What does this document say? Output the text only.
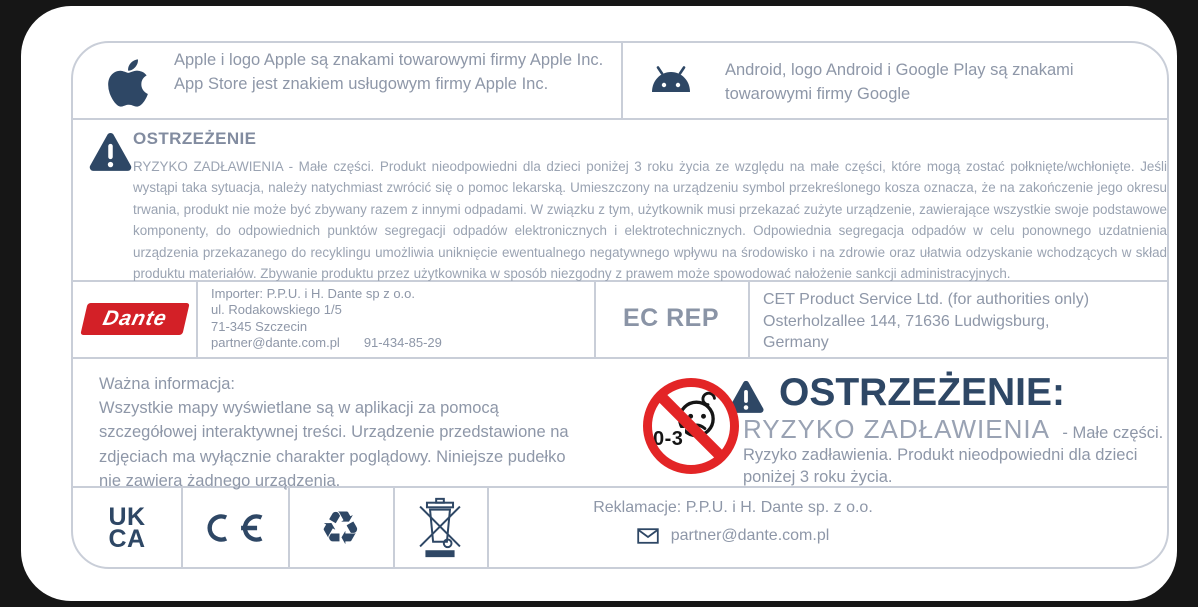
Apple i logo Apple są znakami towarowymi firmy Apple Inc. App Store jest znakiem usługowym firmy Apple Inc.
Android, logo Android i Google Play są znakami towarowymi firmy Google
OSTRZEŻENIE
RYZYKO ZADŁAWIENIA - Małe części. Produkt nieodpowiedni dla dzieci poniżej 3 roku życia ze względu na małe części, które mogą zostać połknięte/wchłonięte. Jeśli wystąpi taka sytuacja, należy natychmiast zwrócić się o pomoc lekarską. Umieszczony na urządzeniu symbol przekreślonego kosza oznacza, że na zakończenie jego okresu trwania, produkt nie może być zbywany razem z innymi odpadami. W związku z tym, użytkownik musi przekazać zużyte urządzenie, zawierające wszystkie swoje podstawowe komponenty, do odpowiednich punktów segregacji odpadów elektronicznych i elektrotechnicznych. Odpowiednia segregacja odpadów w celu ponownego uzdatnienia urządzenia przekazanego do recyklingu umożliwia uniknięcie ewentualnego negatywnego wpływu na środowisko i na zdrowie oraz ułatwia odzyskanie wchodzących w skład produktu materiałów. Zbywanie produktu przez użytkownika w sposób niezgodny z prawem może spowodować nałożenie sankcji administracyjnych.
Dante
Importer: P.P.U. i H. Dante sp z o.o.
ul. Rodakowskiego 1/5
71-345 Szczecin
partner@dante.com.pl 91-434-85-29
EC REP
CET Product Service Ltd. (for authorities only)
Osterholzallee 144, 71636 Ludwigsburg,
Germany
Ważna informacja:
Wszystkie mapy wyświetlane są w aplikacji za pomocą szczegółowej interaktywnej treści. Urządzenie przedstawione na zdjęciach ma wyłącznie charakter poglądowy. Niniejsze pudełko nie zawiera żadnego urządzenia.
0-3
OSTRZEŻENIE:
RYZYKO ZADŁAWIENIA - Małe części.
Ryzyko zadławienia. Produkt nieodpowiedni dla dzieci poniżej 3 roku życia.
UK
CA	♻	Reklamacje: P.P.U. i H. Dante sp. z o.o.
partner@dante.com.pl
